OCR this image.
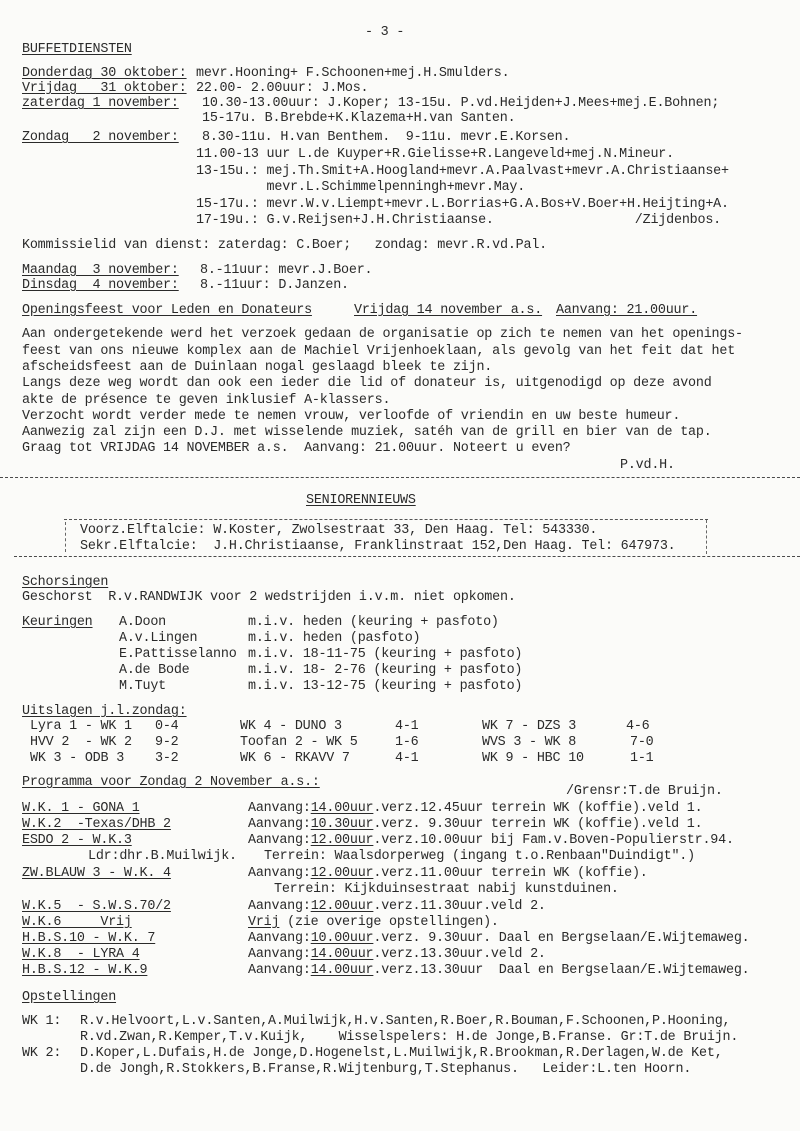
- 3 -
BUFFETDIENSTEN
Donderdag 30 oktober: mevr.Hooning+ F.Schoonen+mej.H.Smulders.
Vrijdag   31 oktober: 22.00- 2.00uur: J.Mos.
zaterdag 1 november: 10.30-13.00uur: J.Koper; 13-15u. P.vd.Heijden+J.Mees+mej.E.Bohnen;
15-17u. B.Brebde+K.Klazema+H.van Santen.
Zondag   2 november: 8.30-11u. H.van Benthem.  9-11u. mevr.E.Korsen.
11.00-13 uur L.de Kuyper+R.Gielisse+R.Langeveld+mej.N.Mineur.
13-15u.: mej.Th.Smit+A.Hoogland+mevr.A.Paalvast+mevr.A.Christiaanse+
mevr.L.Schimmelpenningh+mevr.May.
15-17u.: mevr.W.v.Liempt+mevr.L.Borrias+G.A.Bos+V.Boer+H.Heijting+A.
17-19u.: G.v.Reijsen+J.H.Christiaanse.                  /Zijdenbos.
Kommissielid van dienst: zaterdag: C.Boer;   zondag: mevr.R.vd.Pal.
Maandag  3 november: 8.-11uur: mevr.J.Boer.
Dinsdag  4 november: 8.-11uur: D.Janzen.
Openingsfeest voor Leden en Donateurs	Vrijdag 14 november a.s. Aanvang: 21.00uur.
Aan ondergetekende werd het verzoek gedaan de organisatie op zich te nemen van het openings-
feest van ons nieuwe komplex aan de Machiel Vrijenhoeklaan, als gevolg van het feit dat het
afscheidsfeest aan de Duinlaan nogal geslaagd bleek te zijn.
Langs deze weg wordt dan ook een ieder die lid of donateur is, uitgenodigd op deze avond
akte de présence te geven inklusief A-klassers.
Verzocht wordt verder mede te nemen vrouw, verloofde of vriendin en uw beste humeur.
Aanwezig zal zijn een D.J. met wisselende muziek, satéh van de grill en bier van de tap.
Graag tot VRIJDAG 14 NOVEMBER a.s.  Aanvang: 21.00uur. Noteert u even?
P.vd.H.
SENIORENNIEUWS
Voorz.Elftalcie: W.Koster, Zwolsestraat 33, Den Haag. Tel: 543330.
Sekr.Elftalcie:  J.H.Christiaanse, Franklinstraat 152,Den Haag. Tel: 647973.
Schorsingen
Geschorst  R.v.RANDWIJK voor 2 wedstrijden i.v.m. niet opkomen.
Keuringen A.Doon	m.i.v. heden (keuring + pasfoto)
A.v.Lingen	m.i.v. heden (pasfoto)
E.Pattisselanno m.i.v. 18-11-75 (keuring + pasfoto)
A.de Bode	m.i.v. 18- 2-76 (keuring + pasfoto)
M.Tuyt	m.i.v. 13-12-75 (keuring + pasfoto)
Uitslagen j.l.zondag:
Lyra 1 - WK 1 0-4	WK 4 - DUNO 3	4-1	WK 7 - DZS 3	4-6
HVV 2  - WK 2 9-2	Toofan 2 - WK 5	1-6	WVS 3 - WK 8	7-0
WK 3 - ODB 3 3-2	WK 6 - RKAVV 7	4-1	WK 9 - HBC 10	1-1
Programma voor Zondag 2 November a.s.:
/Grensr:T.de Bruijn.
W.K. 1 - GONA 1	Aanvang:14.00uur.verz.12.45uur terrein WK (koffie).veld 1.
W.K.2  -Texas/DHB 2	Aanvang:10.30uur.verz. 9.30uur terrein WK (koffie).veld 1.
ESDO 2 - W.K.3	Aanvang:12.00uur.verz.10.00uur bij Fam.v.Boven-Populierstr.94.
Ldr:dhr.B.Muilwijk. Terrein: Waalsdorperweg (ingang t.o.Renbaan"Duindigt".)
ZW.BLAUW 3 - W.K. 4	Aanvang:12.00uur.verz.11.00uur terrein WK (koffie).
Terrein: Kijkduinsestraat nabij kunstduinen.
W.K.5  - S.W.S.70/2	Aanvang:12.00uur.verz.11.30uur.veld 2.
W.K.6     Vrij	Vrij (zie overige opstellingen).
H.B.S.10 - W.K. 7	Aanvang:10.00uur.verz. 9.30uur. Daal en Bergselaan/E.Wijtemaweg.
W.K.8  - LYRA 4	Aanvang:14.00uur.verz.13.30uur.veld 2.
H.B.S.12 - W.K.9	Aanvang:14.00uur.verz.13.30uur  Daal en Bergselaan/E.Wijtemaweg.
Opstellingen
WK 1: R.v.Helvoort,L.v.Santen,A.Muilwijk,H.v.Santen,R.Boer,R.Bouman,F.Schoonen,P.Hooning,
R.vd.Zwan,R.Kemper,T.v.Kuijk,    Wisselspelers: H.de Jonge,B.Franse. Gr:T.de Bruijn.
WK 2: D.Koper,L.Dufais,H.de Jonge,D.Hogenelst,L.Muilwijk,R.Brookman,R.Derlagen,W.de Ket,
D.de Jongh,R.Stokkers,B.Franse,R.Wijtenburg,T.Stephanus.   Leider:L.ten Hoorn.
